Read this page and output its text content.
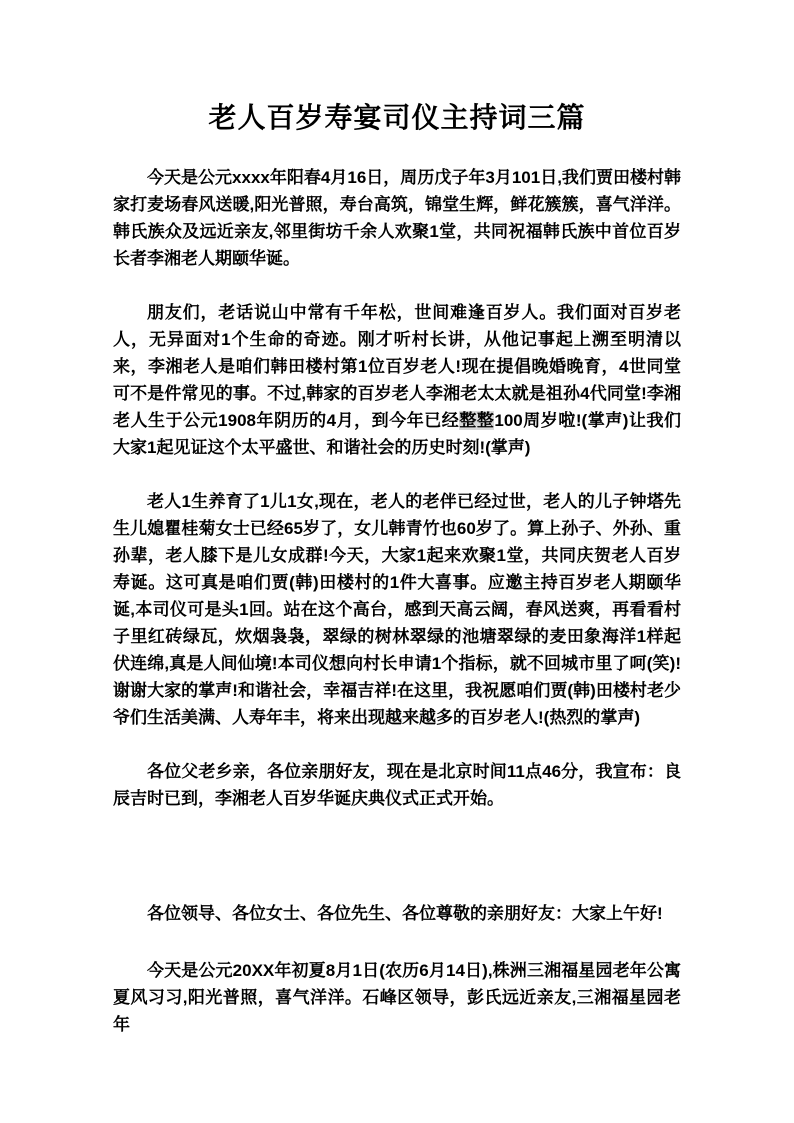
老人百岁寿宴司仪主持词三篇

今天是公元xxxx年阳春4月16日，周历戊子年3月101日,我们贾田楼村韩家打麦场春风送暖,阳光普照，寿台高筑，锦堂生辉，鲜花簇簇，喜气洋洋。韩氏族众及远近亲友,邻里街坊千余人欢聚1堂，共同祝福韩氏族中首位百岁长者李湘老人期颐华诞。

朋友们，老话说山中常有千年松，世间难逢百岁人。我们面对百岁老人，无异面对1个生命的奇迹。刚才听村长讲，从他记事起上溯至明清以来，李湘老人是咱们韩田楼村第1位百岁老人!现在提倡晚婚晚育，4世同堂可不是件常见的事。不过,韩家的百岁老人李湘老太太就是祖孙4代同堂!李湘老人生于公元1908年阴历的4月，到今年已经整整100周岁啦!(掌声)让我们大家1起见证这个太平盛世、和谐社会的历史时刻!(掌声)

老人1生养育了1儿1女,现在，老人的老伴已经过世，老人的儿子钟塔先生儿媳瞿桂菊女士已经65岁了，女儿韩青竹也60岁了。算上孙子、外孙、重孙辈，老人膝下是儿女成群!今天，大家1起来欢聚1堂，共同庆贺老人百岁寿诞。这可真是咱们贾(韩)田楼村的1件大喜事。应邀主持百岁老人期颐华诞,本司仪可是头1回。站在这个高台，感到天高云阔，春风送爽，再看看村子里红砖绿瓦，炊烟袅袅，翠绿的树林翠绿的池塘翠绿的麦田象海洋1样起伏连绵,真是人间仙境!本司仪想向村长申请1个指标，就不回城市里了呵(笑)!谢谢大家的掌声!和谐社会，幸福吉祥!在这里，我祝愿咱们贾(韩)田楼村老少爷们生活美满、人寿年丰，将来出现越来越多的百岁老人!(热烈的掌声)

各位父老乡亲，各位亲朋好友，现在是北京时间11点46分，我宣布：良辰吉时已到，李湘老人百岁华诞庆典仪式正式开始。

各位领导、各位女士、各位先生、各位尊敬的亲朋好友：大家上午好!

今天是公元20XX年初夏8月1日(农历6月14日),株洲三湘福星园老年公寓夏风习习,阳光普照，喜气洋洋。石峰区领导，彭氏远近亲友,三湘福星园老年
